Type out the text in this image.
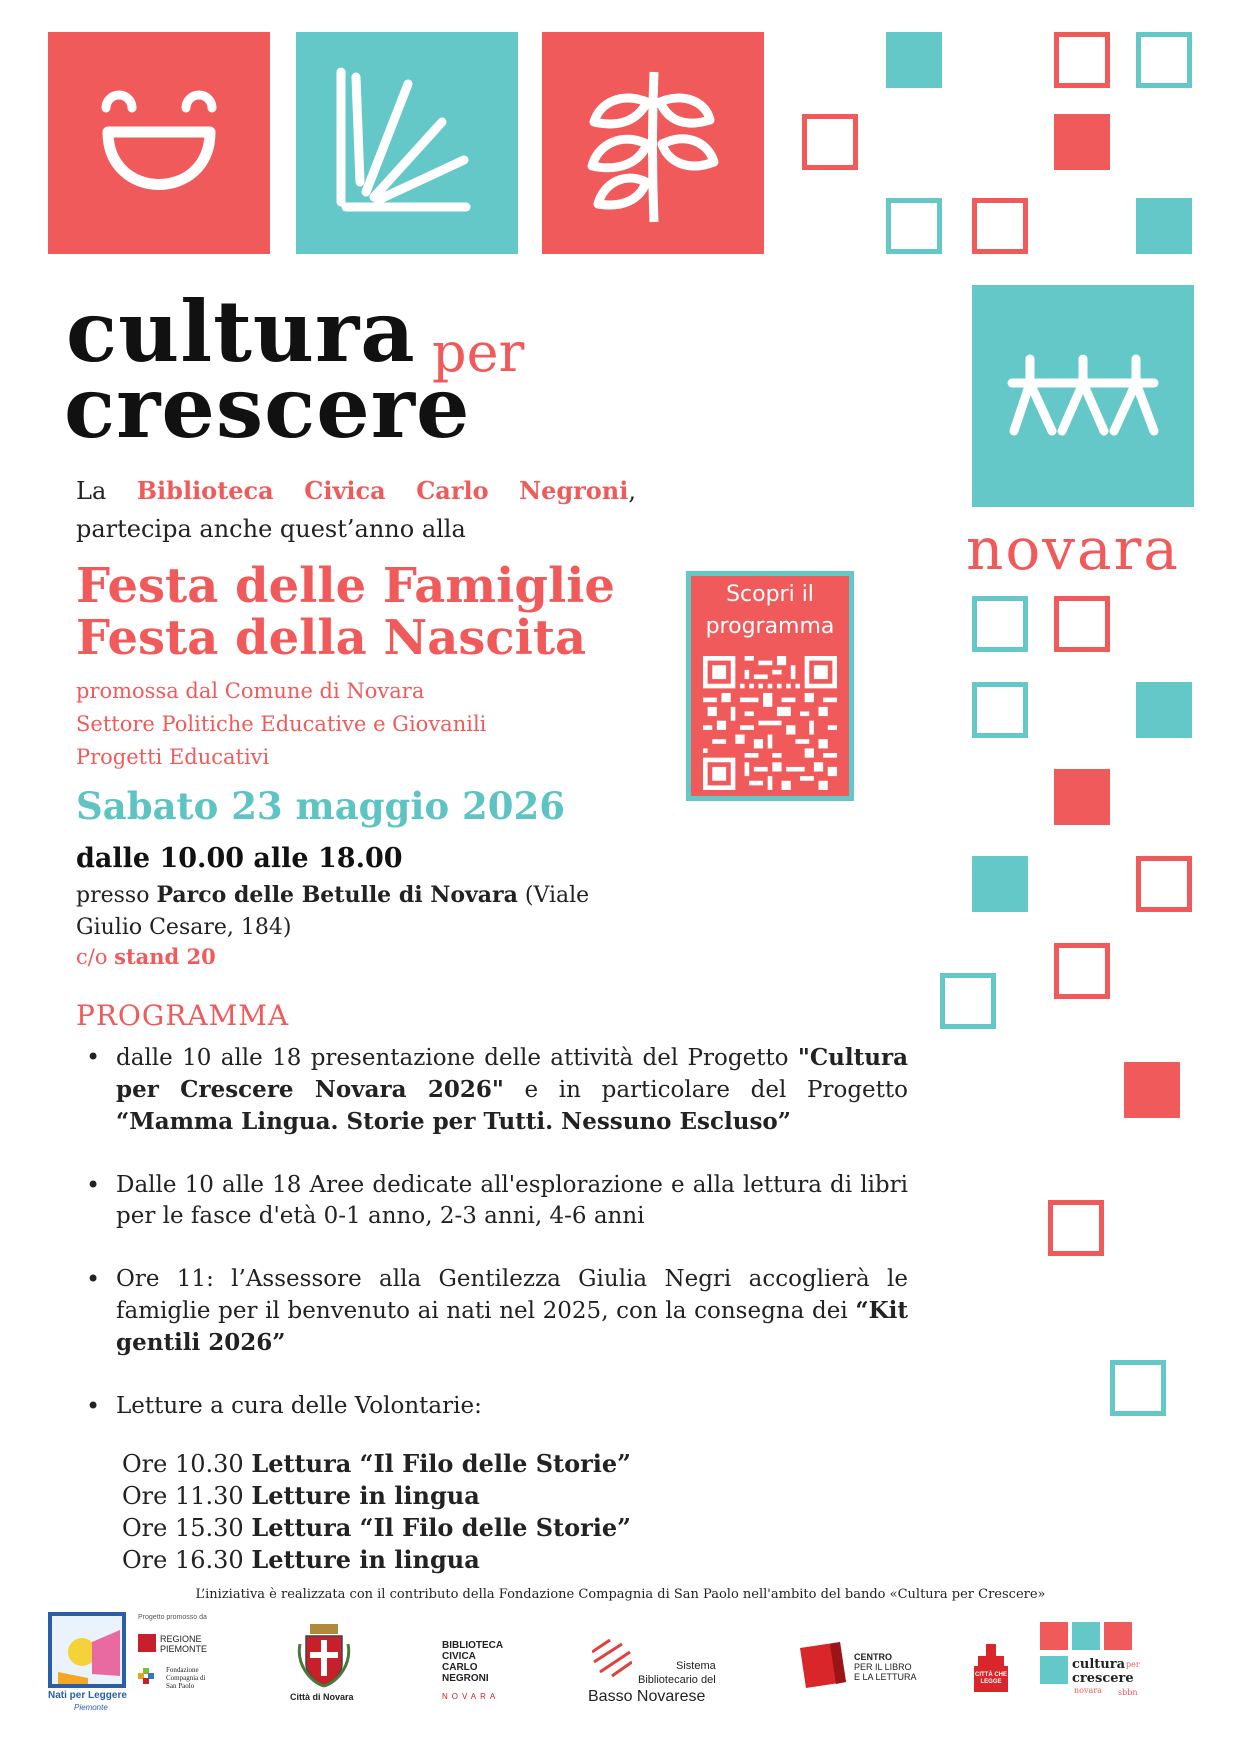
novara
cultura per
crescere
La Biblioteca Civica Carlo Negroni,
partecipa anche quest’anno alla
Festa delle Famiglie
Festa della Nascita
promossa dal Comune di Novara
Settore Politiche Educative e Giovanili
Progetti Educativi
Sabato 23 maggio 2026
dalle 10.00 alle 18.00
presso Parco delle Betulle di Novara (Viale Giulio Cesare, 184)
c/o stand 20
Scopri il
programma
PROGRAMMA
• dalle 10 alle 18 presentazione delle attività del Progetto "Cultura per Crescere Novara 2026" e in particolare del Progetto “Mamma Lingua. Storie per Tutti. Nessuno Escluso”
• Dalle 10 alle 18 Aree dedicate all'esplorazione e alla lettura di libri per le fasce d'età 0-1 anno, 2-3 anni, 4-6 anni
• Ore 11: l’Assessore alla Gentilezza Giulia Negri accoglierà le famiglie per il benvenuto ai nati nel 2025, con la consegna dei “Kit gentili 2026”
• Letture a cura delle Volontarie:
Ore 10.30 Lettura “Il Filo delle Storie”
Ore 11.30 Letture in lingua
Ore 15.30 Lettura “Il Filo delle Storie”
Ore 16.30 Letture in lingua
L’iniziativa è realizzata con il contributo della Fondazione Compagnia di San Paolo nell'ambito del bando «Cultura per Crescere»
Nati per Leggere
Piemonte
Progetto promosso da
REGIONE PIEMONTE
Fondazione Compagnia di San Paolo
Città di Novara
BIBLIOTECA
CIVICA
CARLO
NEGRONI
NOVARA
Sistema
Bibliotecario del
Basso Novarese
CENTRO
PER IL LIBRO
E LA LETTURA	CITTÀ CHE LEGGE
cultura per
crescere
novara sbbn
